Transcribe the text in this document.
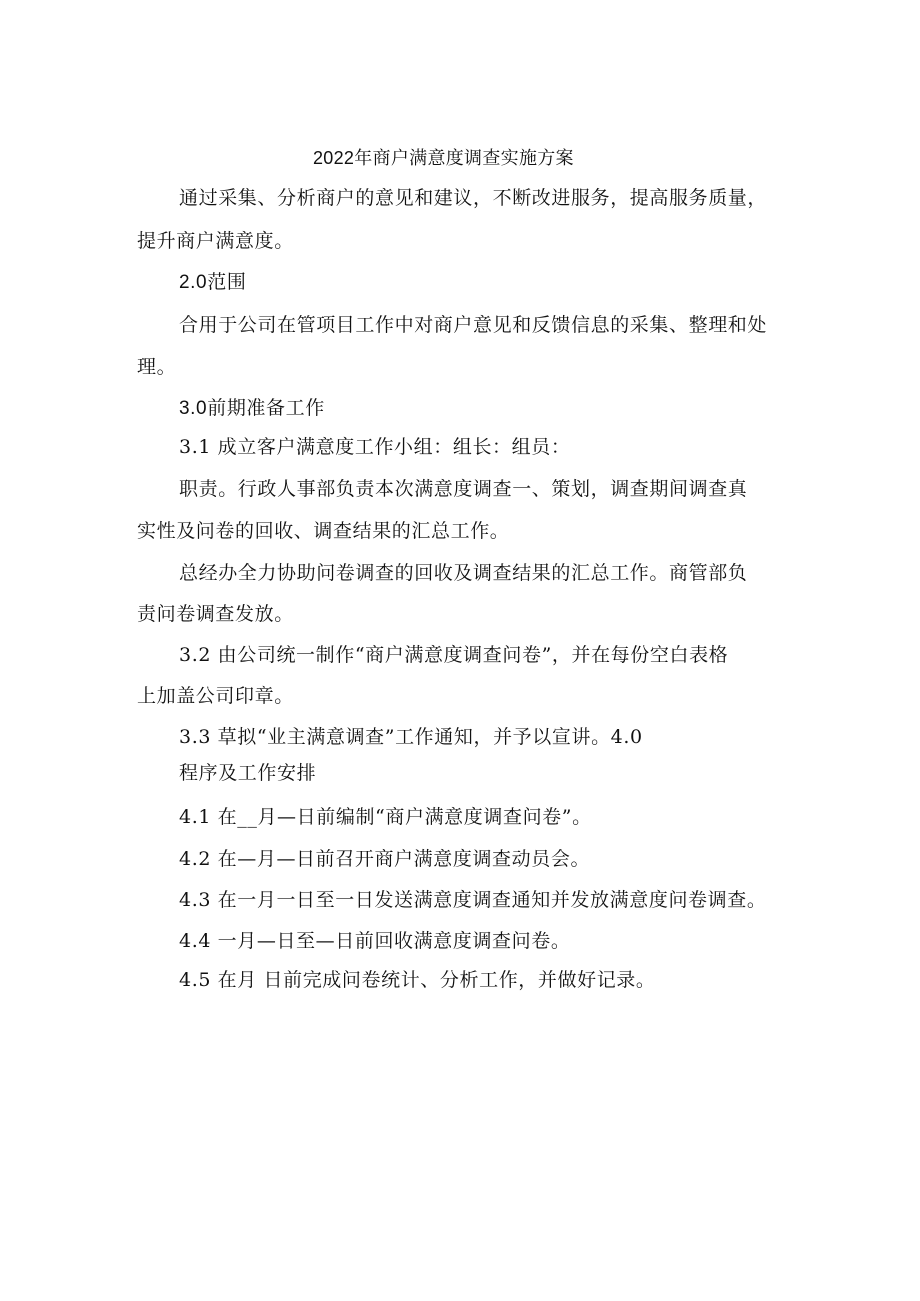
2022年商户满意度调查实施方案
通过采集、分析商户的意见和建议，不断改进服务，提高服务质量，
提升商户满意度。
2.0范围
合用于公司在管项目工作中对商户意见和反馈信息的采集、整理和处
理。
3.0前期准备工作
3.1 成立客户满意度工作小组：组长：组员：
职责。行政人事部负责本次满意度调查一、策划，调查期间调查真
实性及问卷的回收、调查结果的汇总工作。
总经办全力协助问卷调查的回收及调查结果的汇总工作。商管部负
责问卷调查发放。
3.2 由公司统一制作“商户满意度调查问卷”，并在每份空白表格
上加盖公司印章。
3.3 草拟“业主满意调查”工作通知，并予以宣讲。4.0
程序及工作安排
4.1 在__月—日前编制“商户满意度调查问卷”。
4.2 在—月—日前召开商户满意度调查动员会。
4.3 在一月一日至一日发送满意度调查通知并发放满意度问卷调查。
4.4 一月—日至—日前回收满意度调查问卷。
4.5 在月 日前完成问卷统计、分析工作，并做好记录。
